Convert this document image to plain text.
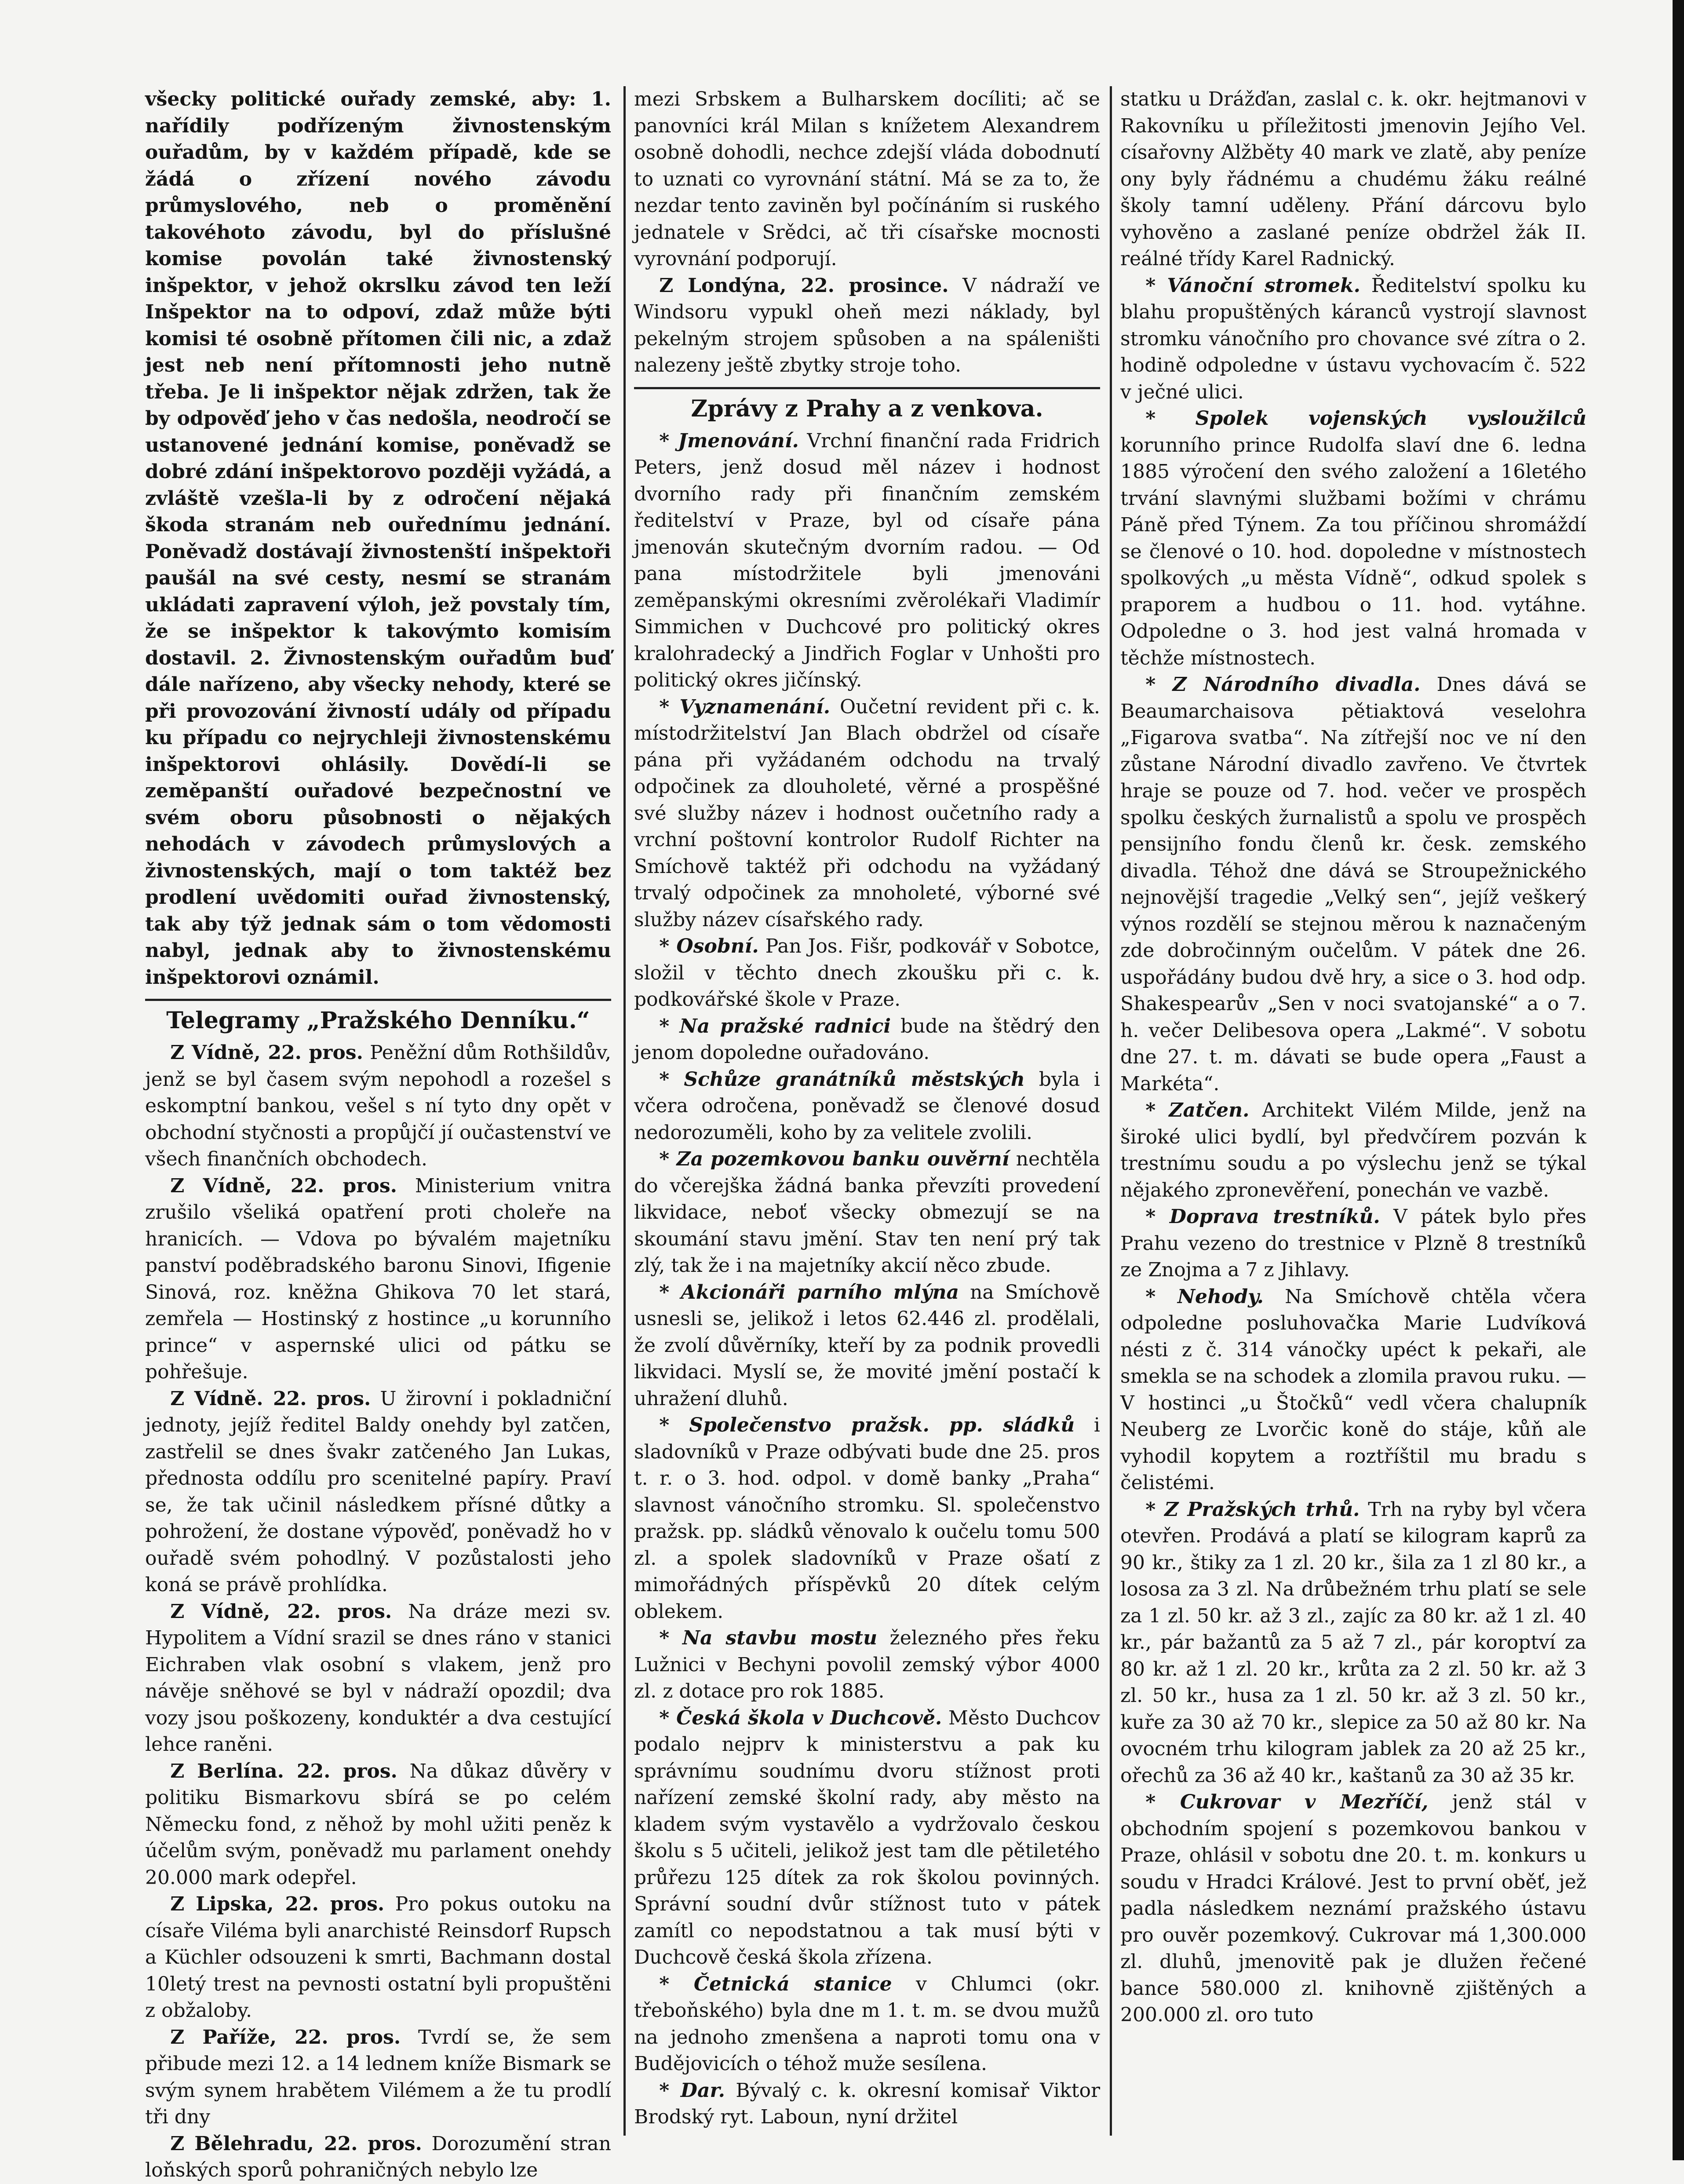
všecky politické ouřady zemské, aby: 1. nařídily podřízeným živnostenským ouřadům, by v každém případě, kde se žádá o zřízení nového závodu průmyslového, neb o proměnění takovéhoto závodu, byl do příslušné komise povolán také živnostenský inšpektor, v jehož okrslku závod ten leží Inšpektor na to odpoví, zdaž může býti komisi té osobně přítomen čili nic, a zdaž jest neb není přítomnosti jeho nutně třeba. Je li inšpektor nějak zdržen, tak že by odpověď jeho v čas nedošla, neodročí se ustanovené jednání komise, poněvadž se dobré zdání inšpektorovo později vyžádá, a zvláště vzešla-li by z odročení nějaká škoda stranám neb ouřednímu jednání. Poněvadž dostávají živnostenští inšpektoři paušál na své cesty, nesmí se stranám ukládati zapravení výloh, jež povstaly tím, že se inšpektor k takovýmto komisím dostavil. 2. Živnostenským ouřadům buď dále nařízeno, aby všecky nehody, které se při provozování živností udály od případu ku případu co nejrychleji živnostenskému inšpektorovi ohlásily. Dovědí-li se zeměpanští ouřadové bezpečnostní ve svém oboru působnosti o nějakých nehodách v závodech průmyslových a živnostenských, mají o tom taktéž bez prodlení uvědomiti ouřad živnostenský, tak aby týž jednak sám o tom vědomosti nabyl, jednak aby to živnostenskému inšpektorovi oznámil.

Telegramy „Pražského Denníku.“

Z Vídně, 22. pros. Peněžní dům Rothšildův, jenž se byl časem svým nepohodl a rozešel s eskomptní bankou, vešel s ní tyto dny opět v obchodní styčnosti a propůjčí jí oučastenství ve všech finančních obchodech.

Z Vídně, 22. pros. Ministerium vnitra zrušilo všeliká opatření proti choleře na hranicích. — Vdova po bývalém majetníku panství poděbradského baronu Sinovi, Ifigenie Sinová, roz. kněžna Ghikova 70 let stará, zemřela — Hostinský z hostince „u korunního prince“ v aspernské ulici od pátku se pohřešuje.

Z Vídně. 22. pros. U žirovní i pokladniční jednoty, jejíž ředitel Baldy onehdy byl zatčen, zastřelil se dnes švakr zatčeného Jan Lukas, přednosta oddílu pro scenitelné papíry. Praví se, že tak učinil následkem přísné důtky a pohrožení, že dostane výpověď, poněvadž ho v ouřadě svém pohodlný. V pozůstalosti jeho koná se právě prohlídka.

Z Vídně, 22. pros. Na dráze mezi sv. Hypolitem a Vídní srazil se dnes ráno v stanici Eichraben vlak osobní s vlakem, jenž pro návěje sněhové se byl v nádraží opozdil; dva vozy jsou poškozeny, konduktér a dva cestující lehce raněni.

Z Berlína. 22. pros. Na důkaz důvěry v politiku Bismarkovu sbírá se po celém Německu fond, z něhož by mohl užiti peněz k účelům svým, poněvadž mu parlament onehdy 20.000 mark odepřel.

Z Lipska, 22. pros. Pro pokus outoku na císaře Viléma byli anarchisté Reinsdorf Rupsch a Küchler odsouzeni k smrti, Bachmann dostal 10letý trest na pevnosti ostatní byli propuštěni z obžaloby.

Z Paříže, 22. pros. Tvrdí se, že sem přibude mezi 12. a 14 lednem kníže Bismark se svým synem hrabětem Vilémem a že tu prodlí tři dny

Z Bělehradu, 22. pros. Dorozumění stran loňských sporů pohraničných nebylo lze

mezi Srbskem a Bulharskem docíliti; ač se panovníci král Milan s knížetem Alexandrem osobně dohodli, nechce zdejší vláda dobodnutí to uznati co vyrovnání státní. Má se za to, že nezdar tento zaviněn byl počínáním si ruského jednatele v Srědci, ač tři císařske mocnosti vyrovnání podporují.

Z Londýna, 22. prosince. V nádraží ve Windsoru vypukl oheň mezi náklady, byl pekelným strojem spůsoben a na spáleništi nalezeny ještě zbytky stroje toho.

Zprávy z Prahy a z venkova.

* Jmenování. Vrchní finanční rada Fridrich Peters, jenž dosud měl název i hodnost dvorního rady při finančním zemském ředitelství v Praze, byl od císaře pána jmenován skutečným dvorním radou. — Od pana místodržitele byli jmenováni zeměpanskými okresními zvěrolékaři Vladimír Simmichen v Duchcové pro politický okres kralohradecký a Jindřich Foglar v Unhošti pro politický okres jičínský.

* Vyznamenání. Oučetní revident při c. k. místodržitelství Jan Blach obdržel od císaře pána při vyžádaném odchodu na trvalý odpočinek za dlouholeté, věrné a prospěšné své služby název i hodnost oučetního rady a vrchní poštovní kontrolor Rudolf Richter na Smíchově taktéž při odchodu na vyžádaný trvalý odpočinek za mnoholeté, výborné své služby název císařského rady.

* Osobní. Pan Jos. Fišr, podkovář v Sobotce, složil v těchto dnech zkoušku při c. k. podkovářské škole v Praze.

* Na pražské radnici bude na štědrý den jenom dopoledne ouřadováno.

* Schůze granátníků městských byla i včera odročena, poněvadž se členové dosud nedorozuměli, koho by za velitele zvolili.

* Za pozemkovou banku ouvěrní nechtěla do včerejška žádná banka převzíti provedení likvidace, neboť všecky obmezují se na skoumání stavu jmění. Stav ten není prý tak zlý, tak že i na majetníky akcií něco zbude.

* Akcionáři parního mlýna na Smíchově usnesli se, jelikož i letos 62.446 zl. prodělali, že zvolí důvěrníky, kteří by za podnik provedli likvidaci. Myslí se, že movité jmění postačí k uhražení dluhů.

* Společenstvo pražsk. pp. sládků i sladovníků v Praze odbývati bude dne 25. pros t. r. o 3. hod. odpol. v domě banky „Praha“ slavnost vánočního stromku. Sl. společenstvo pražsk. pp. sládků věnovalo k oučelu tomu 500 zl. a spolek sladovníků v Praze ošatí z mimořádných příspěvků 20 dítek celým oblekem.

* Na stavbu mostu železného přes řeku Lužnici v Bechyni povolil zemský výbor 4000 zl. z dotace pro rok 1885.

* Česká škola v Duchcově. Město Duchcov podalo nejprv k ministerstvu a pak ku správnímu soudnímu dvoru stížnost proti nařízení zemské školní rady, aby město na kladem svým vystavělo a vydržovalo českou školu s 5 učiteli, jelikož jest tam dle pětiletého průřezu 125 dítek za rok školou povinných. Správní soudní dvůr stížnost tuto v pátek zamítl co nepodstatnou a tak musí býti v Duchcově česká škola zřízena.

* Četnická stanice v Chlumci (okr. třeboňského) byla dne m 1. t. m. se dvou mužů na jednoho zmenšena a naproti tomu ona v Budějovicích o téhož muže sesílena.

* Dar. Bývalý c. k. okresní komisař Viktor Brodský ryt. Laboun, nyní držitel

statku u Drážďan, zaslal c. k. okr. hejtmanovi v Rakovníku u příležitosti jmenovin Jejího Vel. císařovny Alžběty 40 mark ve zlatě, aby peníze ony byly řádnému a chudému žáku reálné školy tamní uděleny. Přání dárcovu bylo vyhověno a zaslané peníze obdržel žák II. reálné třídy Karel Radnický.

* Vánoční stromek. Ředitelství spolku ku blahu propuštěných káranců vystrojí slavnost stromku vánočního pro chovance své zítra o 2. hodině odpoledne v ústavu vychovacím č. 522 v ječné ulici.

* Spolek vojenských vysloužilců korunního prince Rudolfa slaví dne 6. ledna 1885 výročení den svého založení a 16letého trvání slavnými službami božími v chrámu Páně před Týnem. Za tou příčinou shromáždí se členové o 10. hod. dopoledne v místnostech spolkových „u města Vídně“, odkud spolek s praporem a hudbou o 11. hod. vytáhne. Odpoledne o 3. hod jest valná hromada v těchže místnostech.

* Z Národního divadla. Dnes dává se Beaumarchaisova pětiaktová veselohra „Figarova svatba“. Na zítřejší noc ve ní den zůstane Národní divadlo zavřeno. Ve čtvrtek hraje se pouze od 7. hod. večer ve prospěch spolku českých žurnalistů a spolu ve prospěch pensijního fondu členů kr. česk. zemského divadla. Téhož dne dává se Stroupežnického nejnovější tragedie „Velký sen“, jejíž veškerý výnos rozdělí se stejnou měrou k naznačeným zde dobročinným oučelům. V pátek dne 26. uspořádány budou dvě hry, a sice o 3. hod odp. Shakespearův „Sen v noci svatojanské“ a o 7. h. večer Delibesova opera „Lakmé“. V sobotu dne 27. t. m. dávati se bude opera „Faust a Markéta“.

* Zatčen. Architekt Vilém Milde, jenž na široké ulici bydlí, byl předvčírem pozván k trestnímu soudu a po výslechu jenž se týkal nějakého zpronevěření, ponechán ve vazbě.

* Doprava trestníků. V pátek bylo přes Prahu vezeno do trestnice v Plzně 8 trestníků ze Znojma a 7 z Jihlavy.

* Nehody. Na Smíchově chtěla včera odpoledne posluhovačka Marie Ludvíková nésti z č. 314 vánočky upéct k pekaři, ale smekla se na schodek a zlomila pravou ruku. — V hostinci „u Štočků“ vedl včera chalupník Neuberg ze Lvorčic koně do stáje, kůň ale vyhodil kopytem a roztříštil mu bradu s čelistémi.

* Z Pražských trhů. Trh na ryby byl včera otevřen. Prodává a platí se kilogram kaprů za 90 kr., štiky za 1 zl. 20 kr., šila za 1 zl 80 kr., a lososa za 3 zl. Na drůbežném trhu platí se sele za 1 zl. 50 kr. až 3 zl., zajíc za 80 kr. až 1 zl. 40 kr., pár bažantů za 5 až 7 zl., pár koroptví za 80 kr. až 1 zl. 20 kr., krůta za 2 zl. 50 kr. až 3 zl. 50 kr., husa za 1 zl. 50 kr. až 3 zl. 50 kr., kuře za 30 až 70 kr., slepice za 50 až 80 kr. Na ovocném trhu kilogram jablek za 20 až 25 kr., ořechů za 36 až 40 kr., kaštanů za 30 až 35 kr.

* Cukrovar v Mezříčí, jenž stál v obchodním spojení s pozemkovou bankou v Praze, ohlásil v sobotu dne 20. t. m. konkurs u soudu v Hradci Králové. Jest to první oběť, jež padla následkem neznámí pražského ústavu pro ouvěr pozemkový. Cukrovar má 1,300.000 zl. dluhů, jmenovitě pak je dlužen řečené bance 580.000 zl. knihovně zjištěných a 200.000 zl. oro tuto
